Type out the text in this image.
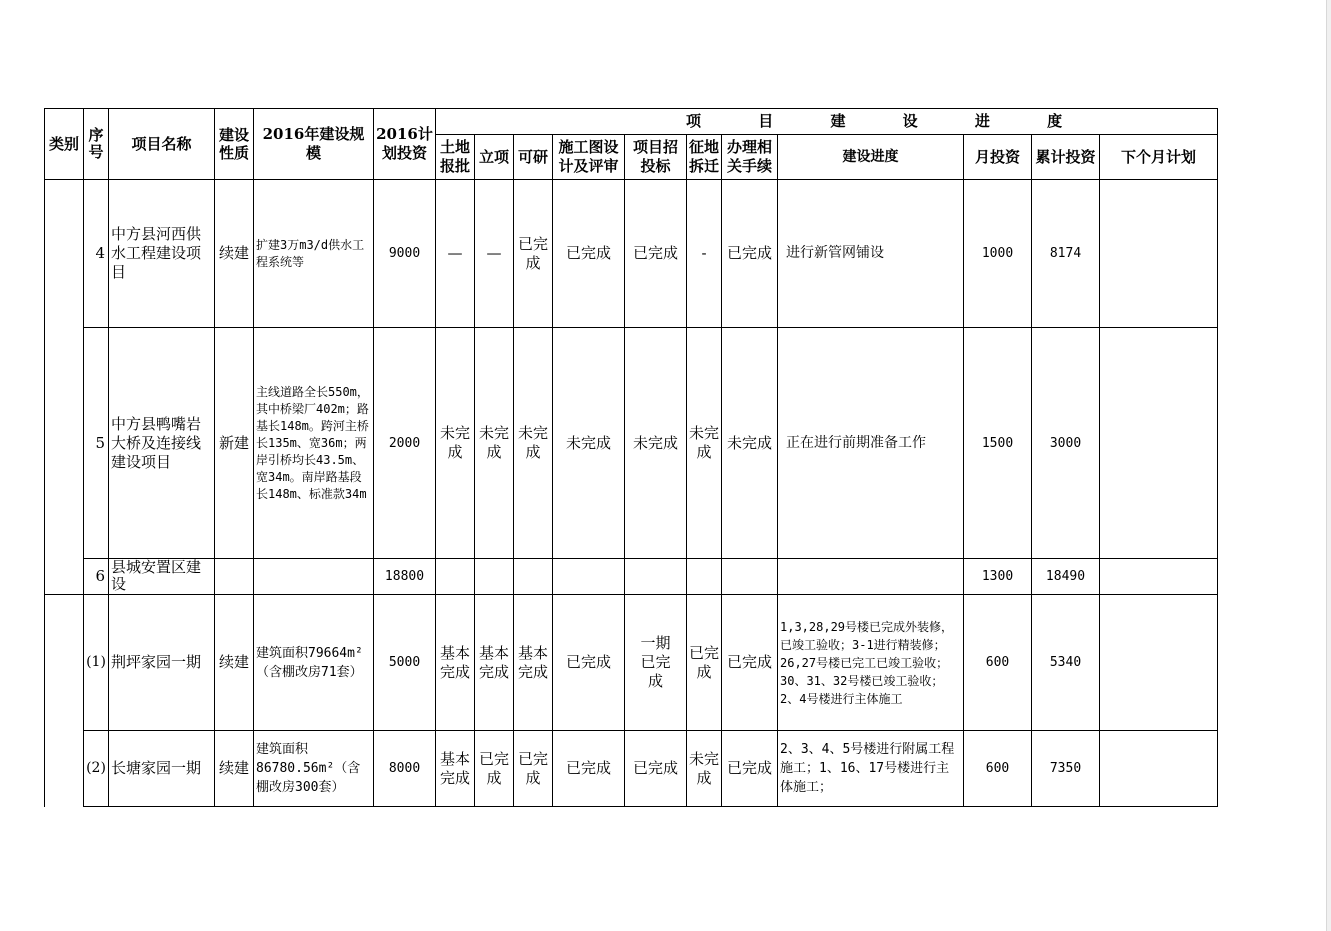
类别	序号	项目名称	建设性质	2016年建设规模	2016计划投资	项 目 建 设 进 度										
						土地报批	立项	可研	施工图设计及评审	项目招投标	征地拆迁	办理相关手续	建设进度	月投资	累计投资	下个月计划
	4	中方县河西供水工程建设项目	续建	扩建3万m3/d供水工程系统等	9000	—	—	已完成	已完成	已完成	-	已完成	进行新管网铺设	1000	8174	
	5	中方县鸭嘴岩大桥及连接线建设项目	新建	主线道路全长550m，其中桥梁厂402m；路基长148m。跨河主桥长135m、宽36m；两岸引桥均长43.5m、宽34m。南岸路基段长148m、标准款34m	2000	未完成	未完成	未完成	未完成	未完成	未完成	未完成	正在进行前期准备工作	1500	3000	
	6	县城安置区建设			18800									1300	18490	
	(1)	荆坪家园一期	续建	建筑面积79664m²（含棚改房71套）	5000	基本完成	基本完成	基本完成	已完成	一期已完成	已完成	已完成	1,3,28,29号楼已完成外装修，已竣工验收；3-1进行精装修；26,27号楼已完工已竣工验收；30、31、32号楼已竣工验收；2、4号楼进行主体施工	600	5340	
	(2)	长塘家园一期	续建	建筑面积86780.56m²（含棚改房300套）	8000	基本完成	已完成	已完成	已完成	已完成	未完成	已完成	2、3、4、5号楼进行附属工程施工；1、16、17号楼进行主体施工；	600	7350	
